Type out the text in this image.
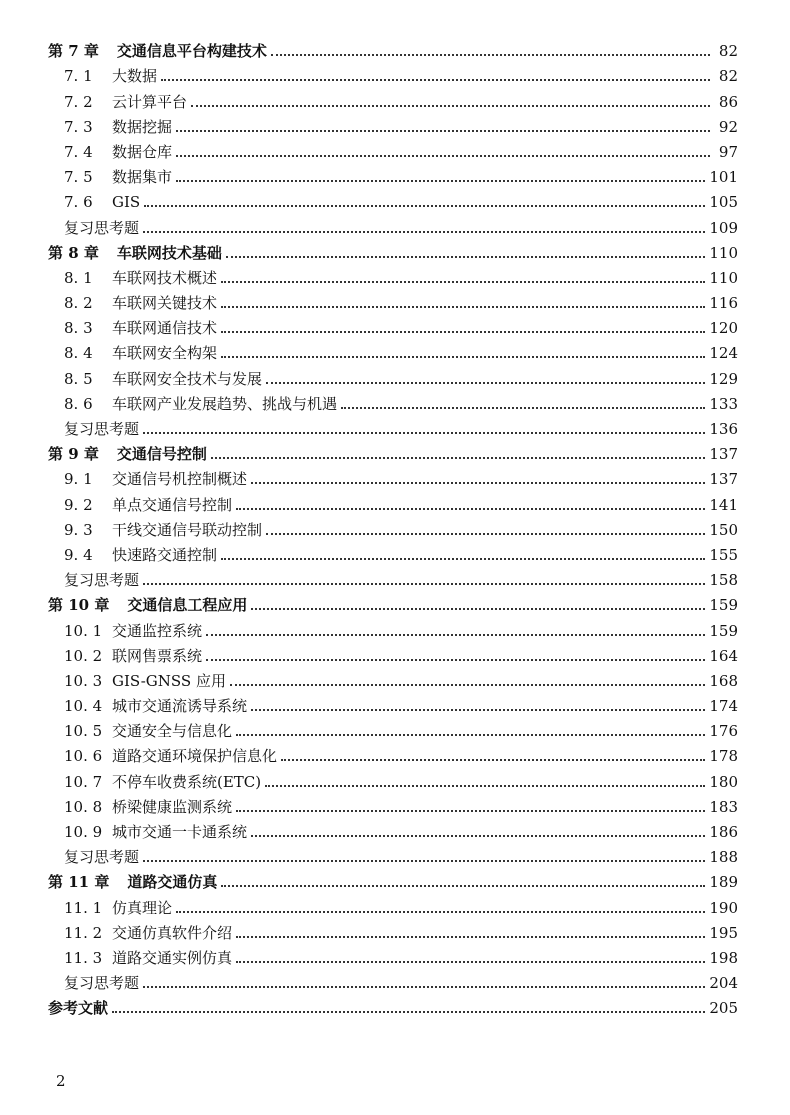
第 7 章 交通信息平台构建技术	82
7. 1	大数据	82
7. 2	云计算平台	86
7. 3	数据挖掘	92
7. 4	数据仓库	97
7. 5	数据集市	101
7. 6	GIS	105
复习思考题	109
第 8 章 车联网技术基础	110
8. 1	车联网技术概述	110
8. 2	车联网关键技术	116
8. 3	车联网通信技术	120
8. 4	车联网安全构架	124
8. 5	车联网安全技术与发展	129
8. 6	车联网产业发展趋势、挑战与机遇	133
复习思考题	136
第 9 章 交通信号控制	137
9. 1	交通信号机控制概述	137
9. 2	单点交通信号控制	141
9. 3	干线交通信号联动控制	150
9. 4	快速路交通控制	155
复习思考题	158
第 10 章 交通信息工程应用	159
10. 1 交通监控系统	159
10. 2 联网售票系统	164
10. 3 GIS-GNSS 应用	168
10. 4 城市交通流诱导系统	174
10. 5 交通安全与信息化	176
10. 6 道路交通环境保护信息化	178
10. 7 不停车收费系统(ETC)	180
10. 8 桥梁健康监测系统	183
10. 9 城市交通一卡通系统	186
复习思考题	188
第 11 章 道路交通仿真	189
11. 1 仿真理论	190
11. 2 交通仿真软件介绍	195
11. 3 道路交通实例仿真	198
复习思考题	204
参考文献	205
2
